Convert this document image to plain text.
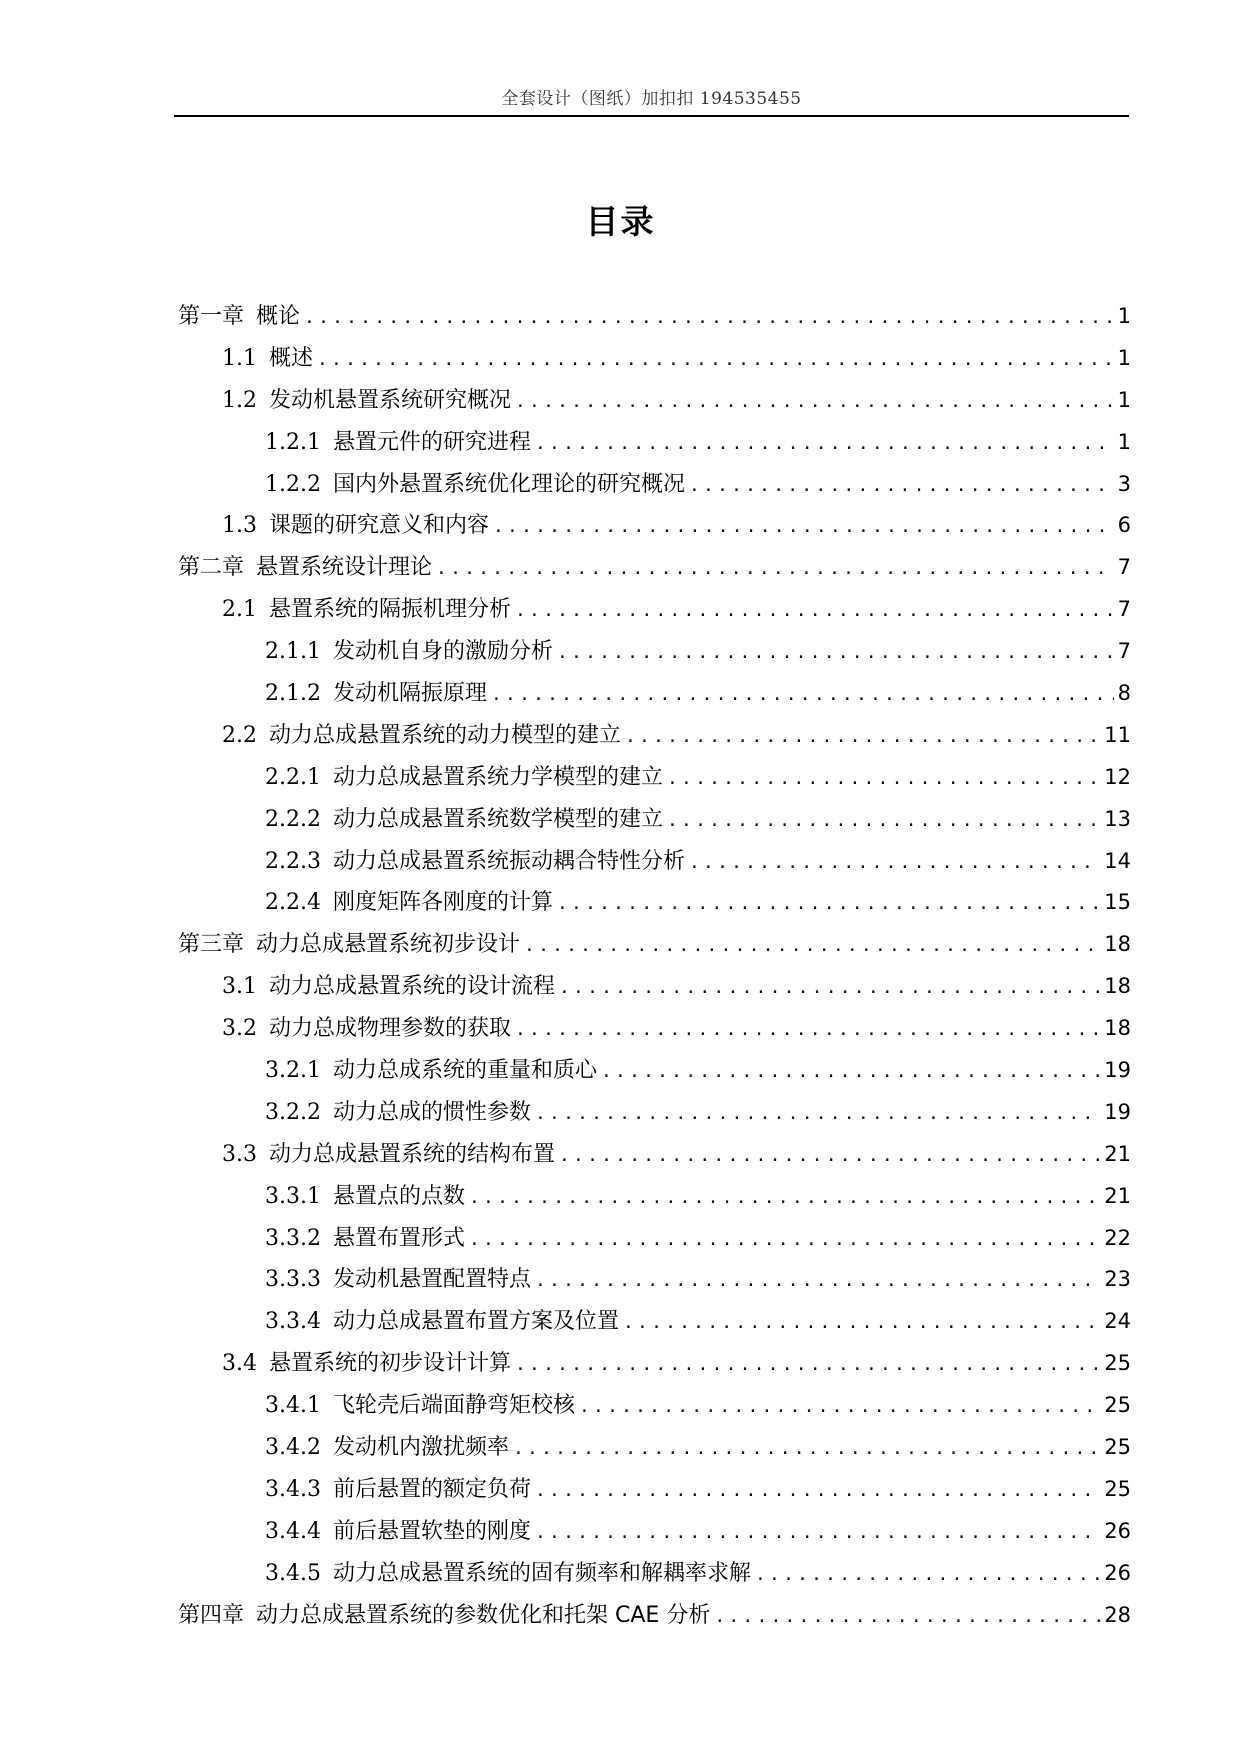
全套设计（图纸）加扣扣 194535455
目录
第一章 概论 .....	1
1.1 概述 .....	1
1.2 发动机悬置系统研究概况 .....	1
1.2.1 悬置元件的研究进程 .....	1
1.2.2 国内外悬置系统优化理论的研究概况 .....	3
1.3 课题的研究意义和内容 .....	6
第二章 悬置系统设计理论 .....	7
2.1 悬置系统的隔振机理分析 .....	7
2.1.1 发动机自身的激励分析 .....	7
2.1.2 发动机隔振原理 .....	8
2.2 动力总成悬置系统的动力模型的建立 .....	11
2.2.1 动力总成悬置系统力学模型的建立 .....	12
2.2.2 动力总成悬置系统数学模型的建立 .....	13
2.2.3 动力总成悬置系统振动耦合特性分析 .....	14
2.2.4 刚度矩阵各刚度的计算 .....	15
第三章 动力总成悬置系统初步设计 .....	18
3.1 动力总成悬置系统的设计流程 .....	18
3.2 动力总成物理参数的获取 .....	18
3.2.1 动力总成系统的重量和质心 .....	19
3.2.2 动力总成的惯性参数 .....	19
3.3 动力总成悬置系统的结构布置 .....	21
3.3.1 悬置点的点数 .....	21
3.3.2 悬置布置形式 .....	22
3.3.3 发动机悬置配置特点 .....	23
3.3.4 动力总成悬置布置方案及位置 .....	24
3.4 悬置系统的初步设计计算 .....	25
3.4.1 飞轮壳后端面静弯矩校核 .....	25
3.4.2 发动机内激扰频率 .....	25
3.4.3 前后悬置的额定负荷 .....	25
3.4.4 前后悬置软垫的刚度 .....	26
3.4.5 动力总成悬置系统的固有频率和解耦率求解 .....	26
第四章 动力总成悬置系统的参数优化和托架 CAE 分析 .....	28
